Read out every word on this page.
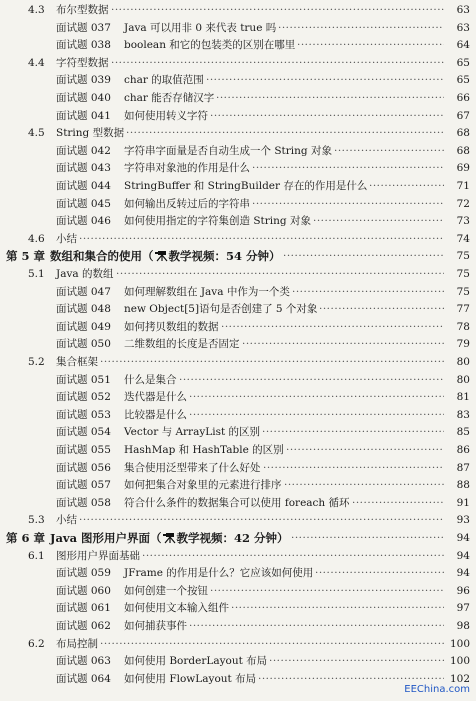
4.3 布尔型数据 ·····	63
面试题 037 Java 可以用非 0 来代表 true 吗 ·····	63
面试题 038 boolean 和它的包装类的区别在哪里 ·····	64
4.4 字符型数据 ·····	65
面试题 039 char 的取值范围 ·····	65
面试题 040 char 能否存储汉字 ·····	66
面试题 041 如何使用转义字符 ·····	67
4.5 String 型数据 ·····	68
面试题 042 字符串字面量是否自动生成一个 String 对象 ·····	68
面试题 043 字符串对象池的作用是什么 ·····	69
面试题 044 StringBuffer 和 StringBuilder 存在的作用是什么 ·····	71
面试题 045 如何输出反转过后的字符串 ·····	72
面试题 046 如何使用指定的字符集创造 String 对象 ·····	73
4.6 小结 ·····	74
第 5 章 数组和集合的使用（ 教学视频：54 分钟） ·····	75
5.1 Java 的数组 ·····	75
面试题 047 如何理解数组在 Java 中作为一个类 ·····	75
面试题 048 new Object[5]语句是否创建了 5 个对象 ·····	77
面试题 049 如何拷贝数组的数据 ·····	78
面试题 050 二维数组的长度是否固定 ·····	79
5.2 集合框架 ·····	80
面试题 051 什么是集合 ·····	80
面试题 052 迭代器是什么 ·····	81
面试题 053 比较器是什么 ·····	83
面试题 054 Vector 与 ArrayList 的区别 ·····	85
面试题 055 HashMap 和 HashTable 的区别 ·····	86
面试题 056 集合使用泛型带来了什么好处 ·····	87
面试题 057 如何把集合对象里的元素进行排序 ·····	88
面试题 058 符合什么条件的数据集合可以使用 foreach 循环 ·····	91
5.3 小结 ·····	93
第 6 章 Java 图形用户界面（ 教学视频：42 分钟） ·····	94
6.1 图形用户界面基础 ·····	94
面试题 059 JFrame 的作用是什么？它应该如何使用 ·····	94
面试题 060 如何创建一个按钮 ·····	96
面试题 061 如何使用文本输入组件 ·····	97
面试题 062 如何捕获事件 ·····	98
6.2 布局控制 ·····	100
面试题 063 如何使用 BorderLayout 布局 ·····	100
面试题 064 如何使用 FlowLayout 布局 ·····	102
EEChina.com
